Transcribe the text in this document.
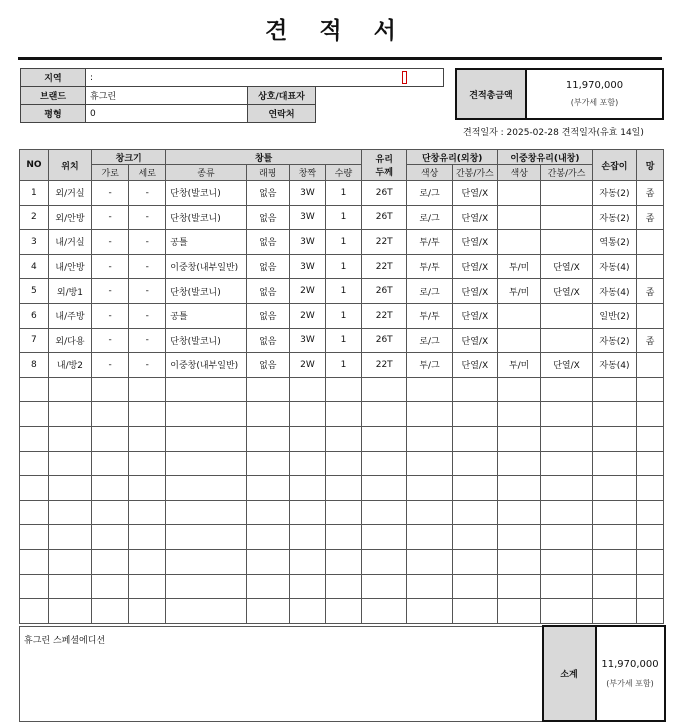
견 적 서
지역	:		

브랜드	휴그린	상호/대표자	
평형	0	연락처	
견적총금액	
11,970,000
(부가세 포함)
견적일자 : 2025-02-28 견적일자(유효 14일)
NO	위치	창크기		창틀				유리
두께	단창유리(외창)		이중창유리(내창)		손잡이	망
		가로	세로	종류	래핑	창짝	수량		색상	간봉/가스	색상	간봉/가스		
1	외/거실	-	-	단창(발코니)	없음	3W	1	26T	로/그	단열/X			자동(2)	좀
2	외/안방	-	-	단창(발코니)	없음	3W	1	26T	로/그	단열/X			자동(2)	좀
3	내/거실	-	-	공틀	없음	3W	1	22T	투/투	단열/X			역통(2)	
4	내/안방	-	-	이중창(내부일반)	없음	3W	1	22T	투/투	단열/X	투/미	단열/X	자동(4)	
5	외/방1	-	-	단창(발코니)	없음	2W	1	26T	로/그	단열/X	투/미	단열/X	자동(4)	좀
6	내/주방	-	-	공틀	없음	2W	1	22T	투/투	단열/X			일반(2)	
7	외/다용	-	-	단창(발코니)	없음	3W	1	26T	로/그	단열/X			자동(2)	좀
8	내/방2	-	-	이중창(내부일반)	없음	2W	1	22T	투/그	단열/X	투/미	단열/X	자동(4)	

휴그린 스페셜에디션	소계	
11,970,000
(부가세 포함)
